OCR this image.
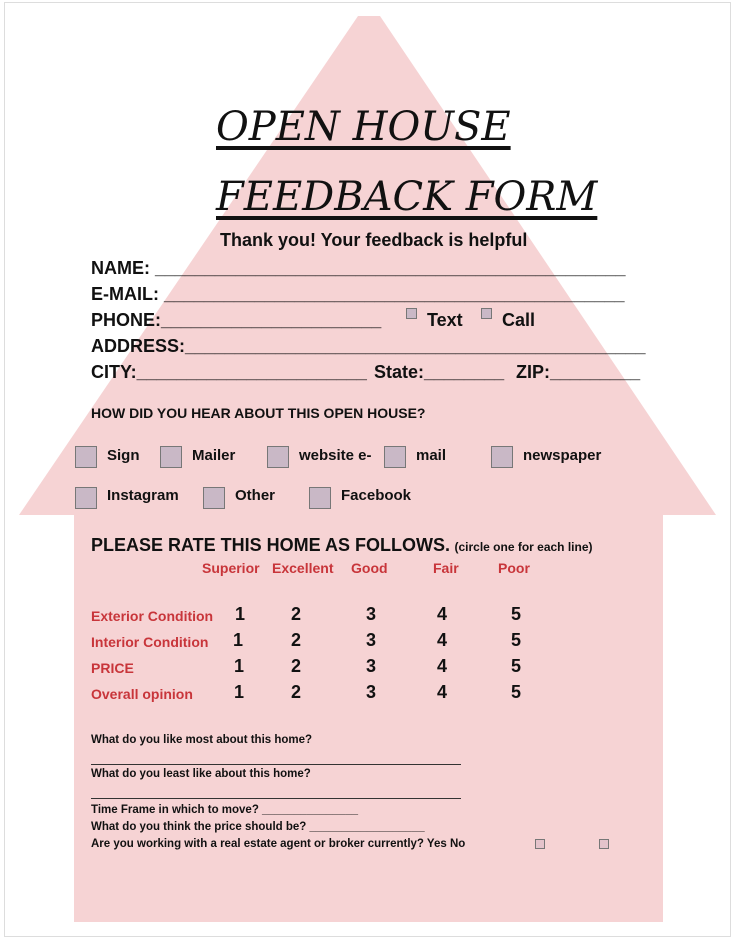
OPEN HOUSE
FEEDBACK FORM
Thank you! Your feedback is helpful
NAME: _______________________________________________
E-MAIL: ______________________________________________
PHONE:______________________	Text Call
ADDRESS:______________________________________________
CITY:_______________________ State:________ ZIP:_________
HOW DID YOU HEAR ABOUT THIS OPEN HOUSE?
Sign	Mailer	website e-	mail	newspaper
Instagram	Other	Facebook
PLEASE RATE THIS HOME AS FOLLOWS. (circle one for each line)
Superior Excellent Good	Fair	Poor
Exterior Condition 1	2	3	4	5
Interior Condition 1	2	3	4	5
PRICE	1	2	3	4	5
Overall opinion 1	2	3	4	5
What do you like most about this home?
What do you least like about this home?
Time Frame in which to move? _______________
What do you think the price should be? __________________
Are you working with a real estate agent or broker currently? Yes No
